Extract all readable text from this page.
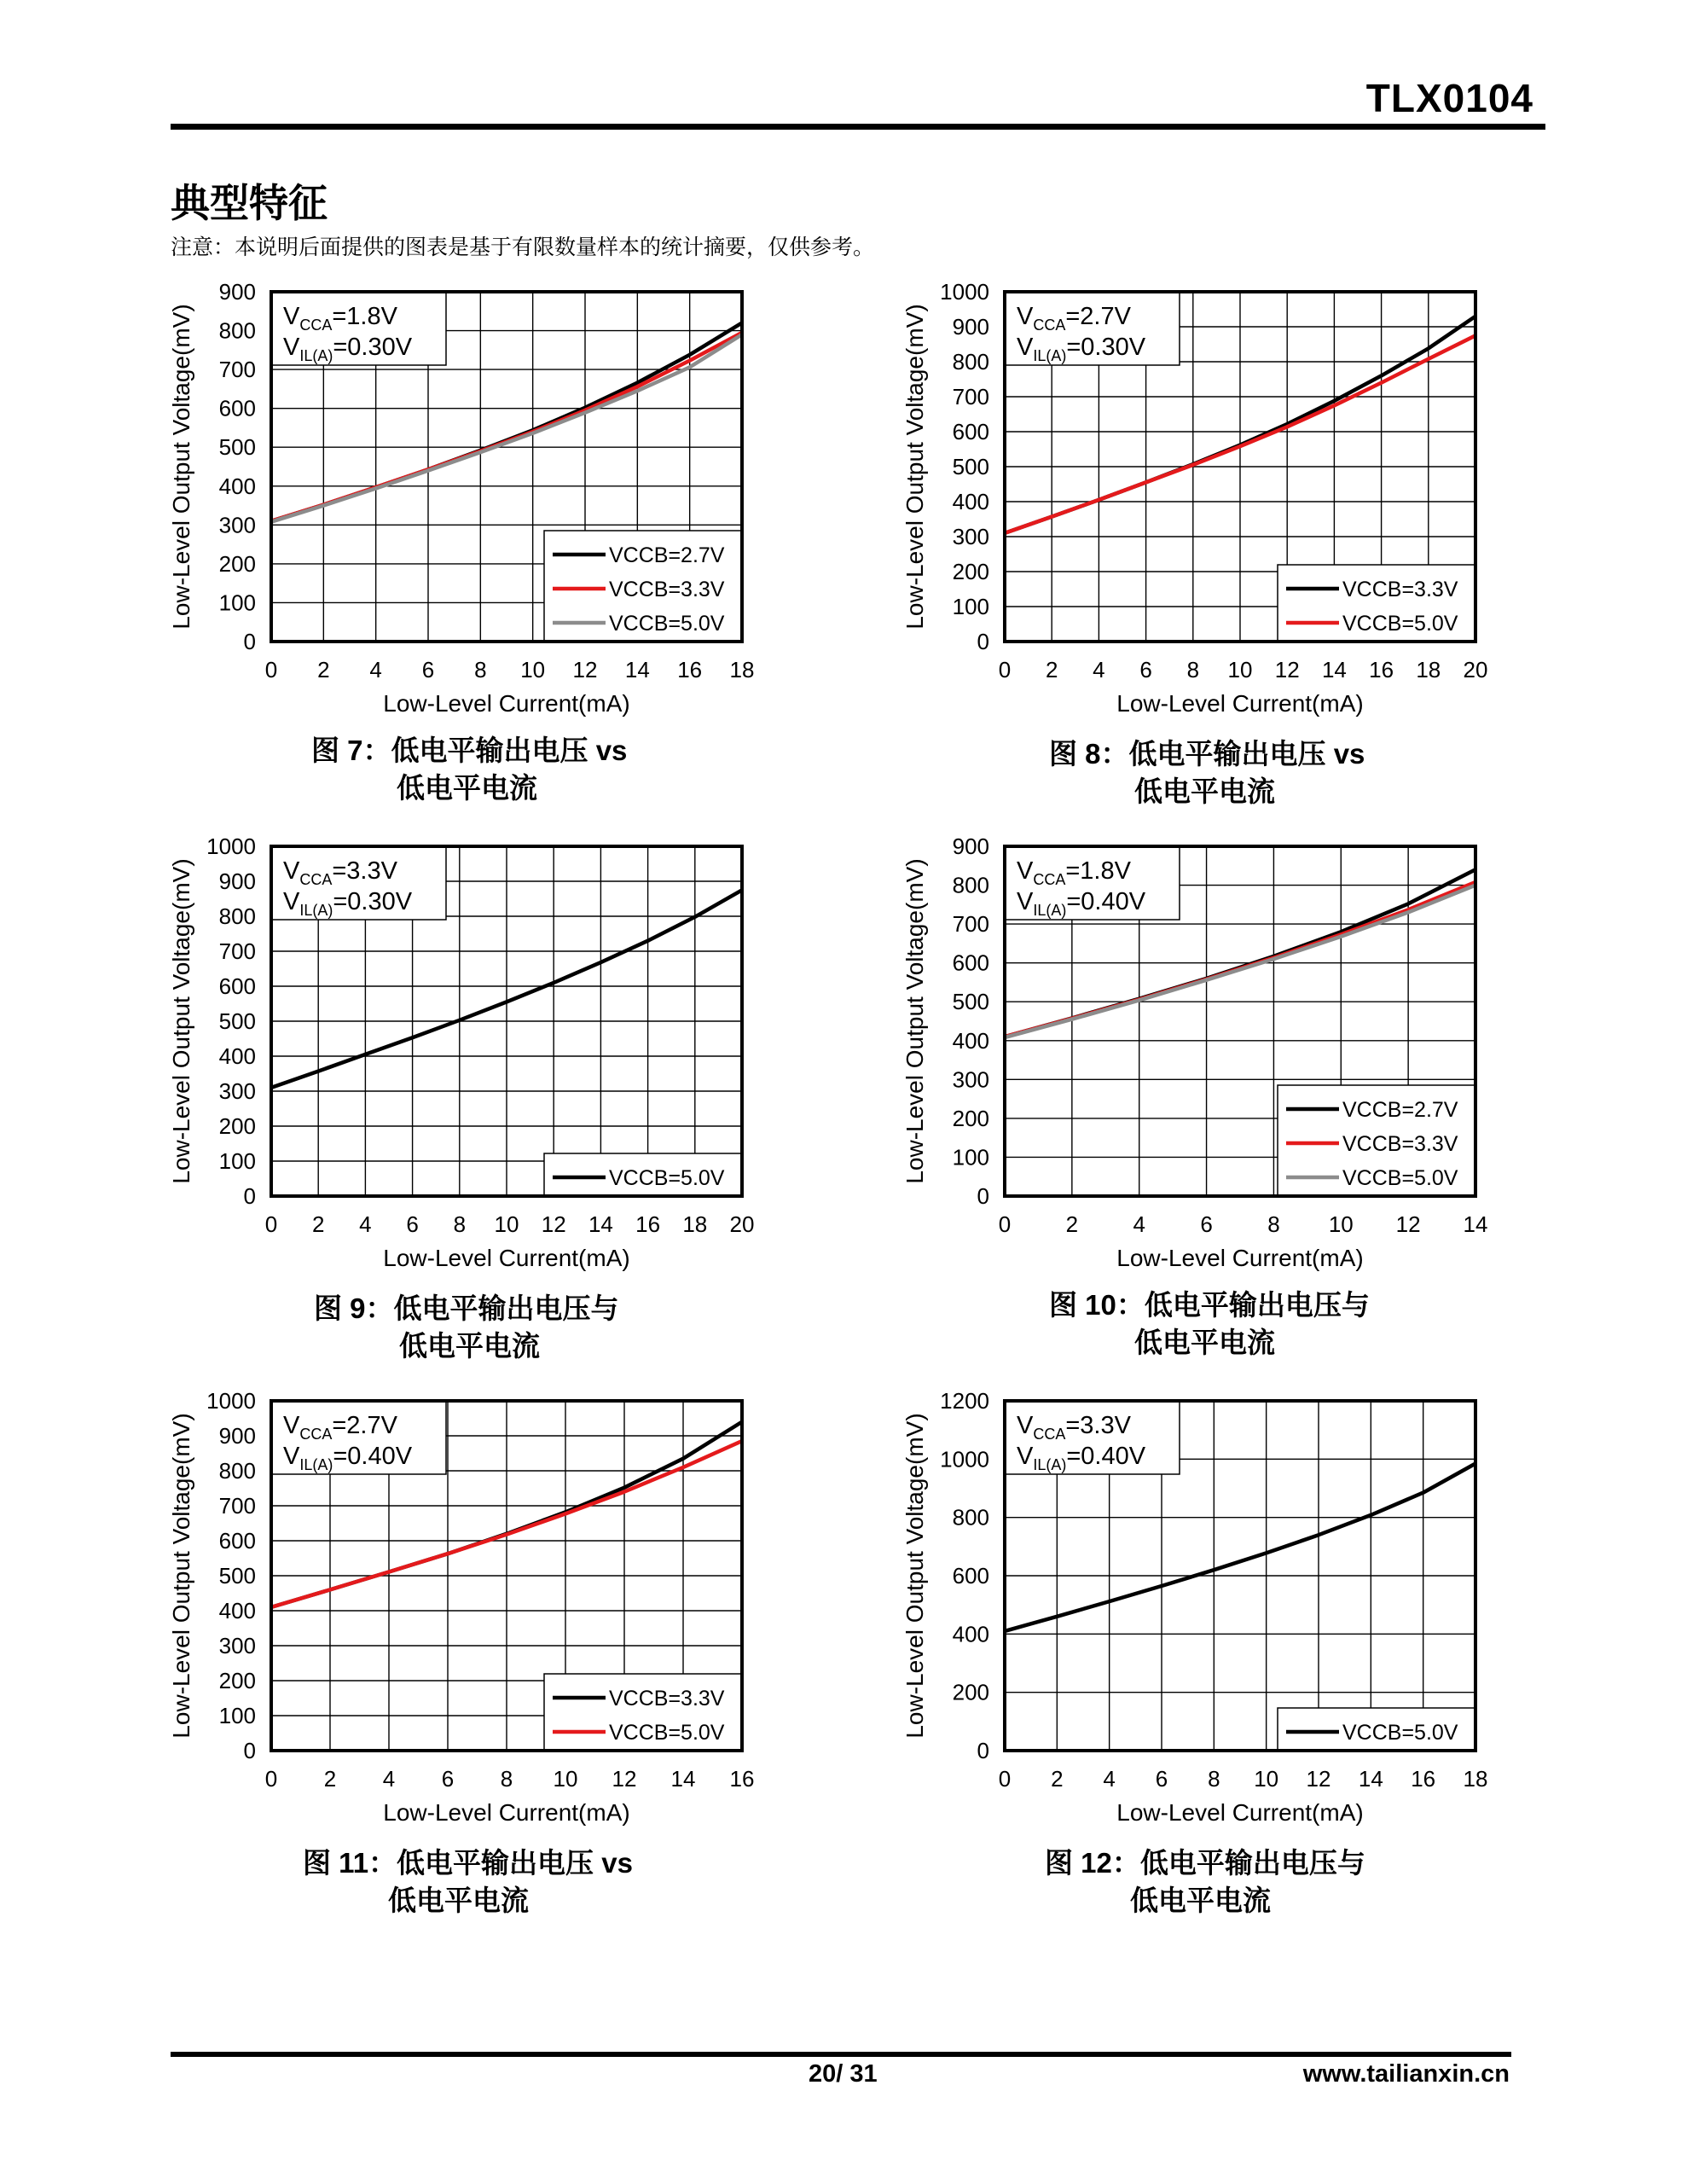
TLX0104
典型特征
注意：本说明后面提供的图表是基于有限数量样本的统计摘要，仅供参考。
0 2 4 6 8 10 12 14 16 18
0
100
200
300
400
500
600
700
800
900
Low-Level Current(mA)
Low-Level Output Voltage(mV)	$V_{CCA}=1.8V$
$V_{IL(A)}=0.30V$
VCCB=2.7V
VCCB=3.3V
VCCB=5.0V
0 2 4 6 8 10 12 14 16 18 20
0
100
200
300
400
500
600
700
800
900
1000
Low-Level Current(mA)
Low-Level Output Voltage(mV)	$V_{CCA}=2.7V$
$V_{IL(A)}=0.30V$
VCCB=3.3V
VCCB=5.0V
0 2 4 6 8 10 12 14 16 18 20
0
100
200
300
400
500
600
700
800
900
1000
Low-Level Current(mA)
Low-Level Output Voltage(mV)	$V_{CCA}=3.3V$
$V_{IL(A)}=0.30V$
VCCB=5.0V
0 2 4 6 8 10 12 14
0
100
200
300
400
500
600
700
800
900
Low-Level Current(mA)
Low-Level Output Voltage(mV)	$V_{CCA}=1.8V$
$V_{IL(A)}=0.40V$
VCCB=2.7V
VCCB=3.3V
VCCB=5.0V
0 2 4 6 8 10 12 14 16
0
100
200
300
400
500
600
700
800
900
1000
Low-Level Current(mA)
Low-Level Output Voltage(mV)	$V_{CCA}=2.7V$
$V_{IL(A)}=0.40V$
VCCB=3.3V
VCCB=5.0V
0 2 4 6 8 10 12 14 16 18
0
200
400
600
800
1000
1200
Low-Level Current(mA)
Low-Level Output Voltage(mV)	$V_{CCA}=3.3V$
$V_{IL(A)}=0.40V$
VCCB=5.0V
图 7：低电平输出电压 vs
低电平电流
图 8：低电平输出电压 vs
低电平电流
图 9：低电平输出电压与
低电平电流
图 10：低电平输出电压与
低电平电流
图 11：低电平输出电压 vs
低电平电流
图 12：低电平输出电压与
低电平电流
20/ 31	www.tailianxin.cn
